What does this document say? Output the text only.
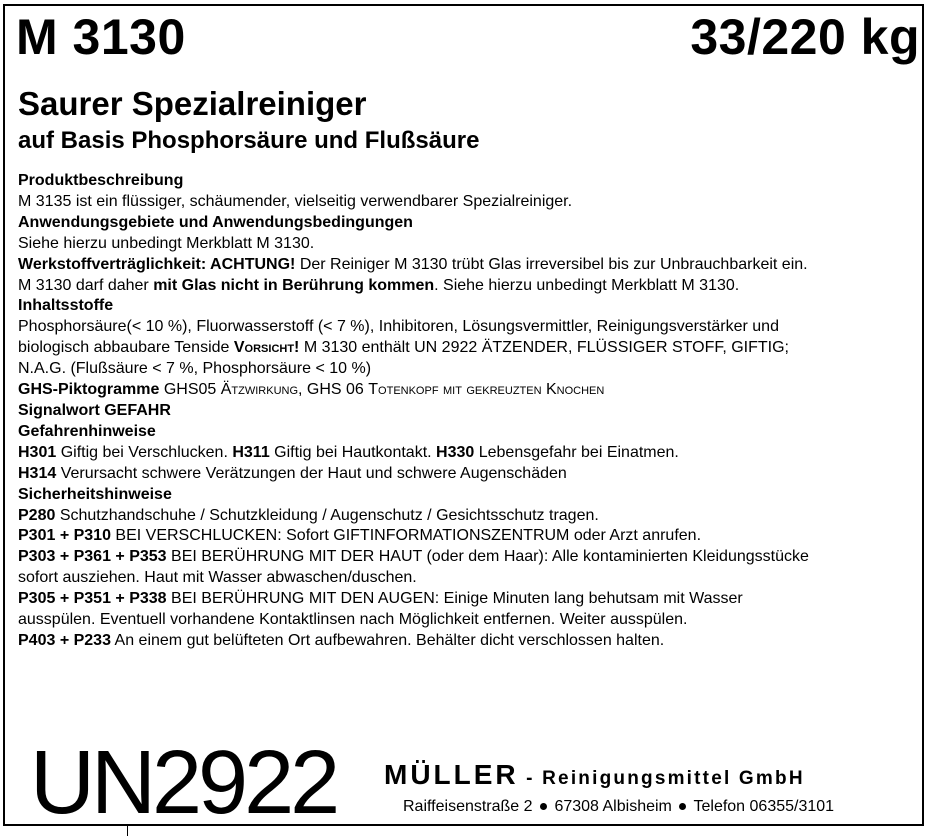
M 3130	33/220 kg
Saurer Spezialreiniger
auf Basis Phosphorsäure und Flußsäure
Produktbeschreibung
M 3135 ist ein flüssiger, schäumender, vielseitig verwendbarer Spezialreiniger.
Anwendungsgebiete und Anwendungsbedingungen
Siehe hierzu unbedingt Merkblatt M 3130.
Werkstoffverträglichkeit: ACHTUNG! Der Reiniger M 3130 trübt Glas irreversibel bis zur Unbrauchbarkeit ein.
M 3130 darf daher mit Glas nicht in Berührung kommen. Siehe hierzu unbedingt Merkblatt M 3130.
Inhaltsstoffe
Phosphorsäure(< 10 %), Fluorwasserstoff (< 7 %), Inhibitoren, Lösungsvermittler, Reinigungsverstärker und
biologisch abbaubare Tenside Vorsicht! M 3130 enthält UN 2922 ÄTZENDER, FLÜSSIGER STOFF, GIFTIG;
N.A.G. (Flußsäure < 7 %, Phosphorsäure < 10 %)
GHS-Piktogramme GHS05 Ätzwirkung, GHS 06 Totenkopf mit gekreuzten Knochen
Signalwort GEFAHR
Gefahrenhinweise
H301 Giftig bei Verschlucken. H311 Giftig bei Hautkontakt. H330 Lebensgefahr bei Einatmen.
H314 Verursacht schwere Verätzungen der Haut und schwere Augenschäden
Sicherheitshinweise
P280 Schutzhandschuhe / Schutzkleidung / Augenschutz / Gesichtsschutz tragen.
P301 + P310 BEI VERSCHLUCKEN: Sofort GIFTINFORMATIONSZENTRUM oder Arzt anrufen.
P303 + P361 + P353 BEI BERÜHRUNG MIT DER HAUT (oder dem Haar): Alle kontaminierten Kleidungsstücke
sofort ausziehen. Haut mit Wasser abwaschen/duschen.
P305 + P351 + P338 BEI BERÜHRUNG MIT DEN AUGEN: Einige Minuten lang behutsam mit Wasser
ausspülen. Eventuell vorhandene Kontaktlinsen nach Möglichkeit entfernen. Weiter ausspülen.
P403 + P233 An einem gut belüfteten Ort aufbewahren. Behälter dicht verschlossen halten.
UN2922 MÜLLER - Reinigungsmittel GmbH
Raiffeisenstraße 2 67308 Albisheim Telefon 06355/3101
